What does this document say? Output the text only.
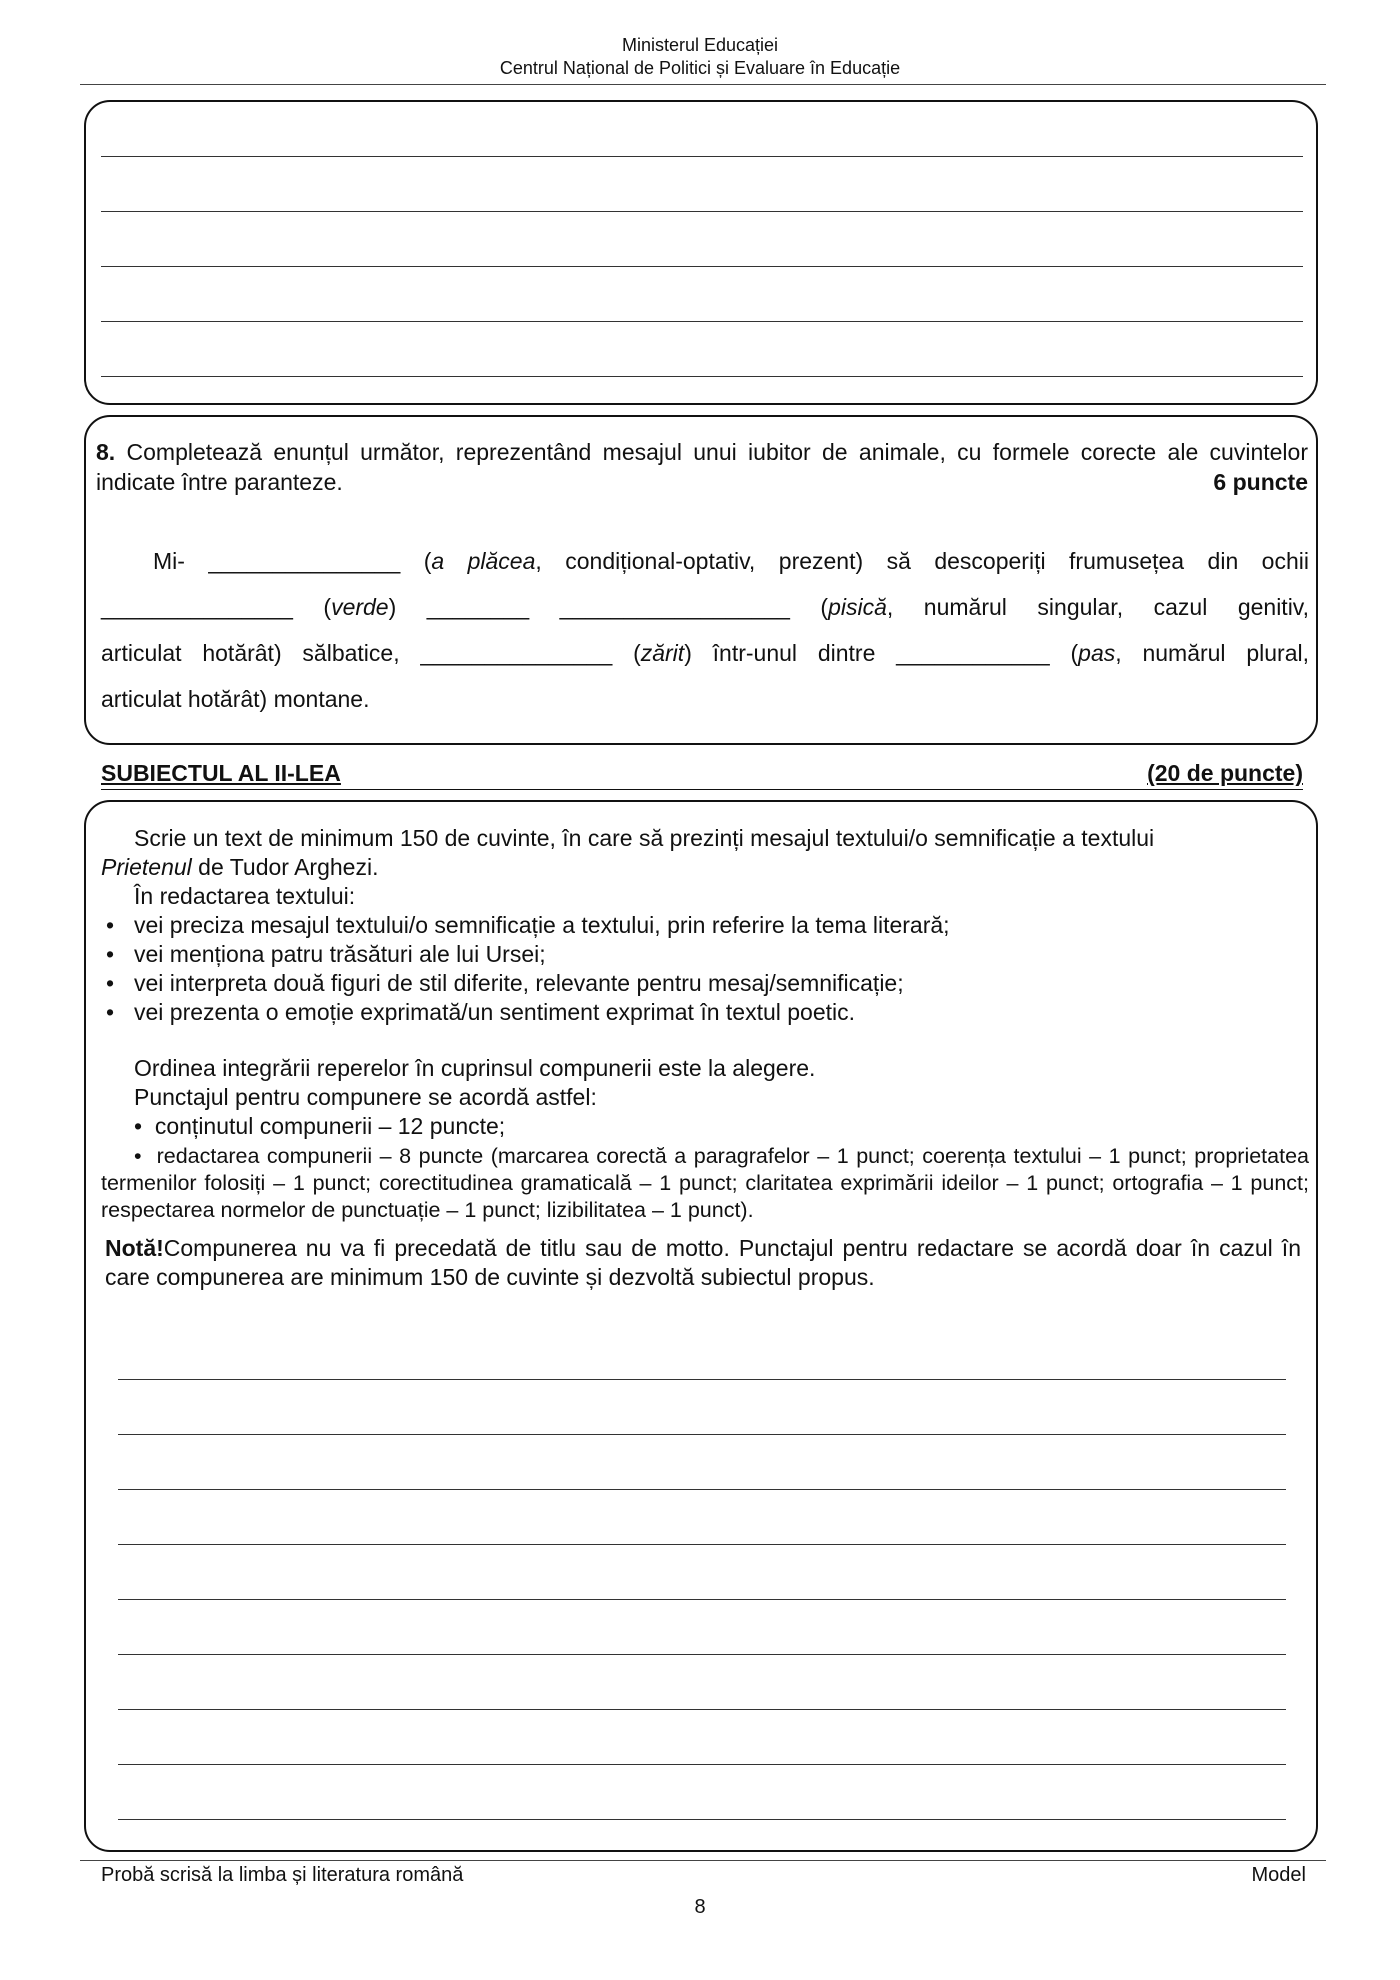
Ministerul Educației
Centrul Național de Politici și Evaluare în Educație

8. Completează enunțul următor, reprezentând mesajul unui iubitor de animale, cu formele corecte ale cuvintelor indicate între paranteze.	6 puncte

Mi- _______________ (a plăcea, condițional-optativ, prezent) să descoperiți frumusețea din ochii
_______________ (verde) ________ __________________ (pisică, numărul singular, cazul genitiv,
articulat hotărât) sălbatice, _______________ (zărit) într-unul dintre ____________ (pas, numărul plural,
articulat hotărât) montane.
SUBIECTUL AL II-LEA	(20 de puncte)

Scrie un text de minimum 150 de cuvinte, în care să prezinți mesajul textului/o semnificație a textului

Prietenul de Tudor Arghezi.

În redactarea textului:

• vei preciza mesajul textului/o semnificație a textului, prin referire la tema literară;

• vei menționa patru trăsături ale lui Ursei;

• vei interpreta două figuri de stil diferite, relevante pentru mesaj/semnificație;

• vei prezenta o emoție exprimată/un sentiment exprimat în textul poetic.

Ordinea integrării reperelor în cuprinsul compunerii este la alegere.

Punctajul pentru compunere se acordă astfel:

•  conținutul compunerii – 12 puncte;

•  redactarea compunerii – 8 puncte (marcarea corectă a paragrafelor – 1 punct; coerența textului – 1 punct; proprietatea termenilor folosiți – 1 punct; corectitudinea gramaticală – 1 punct; claritatea exprimării ideilor – 1 punct; ortografia – 1 punct; respectarea normelor de punctuație – 1 punct; lizibilitatea – 1 punct).

Notă!Compunerea nu va fi precedată de titlu sau de motto. Punctajul pentru redactare se acordă doar în cazul în care compunerea are minimum 150 de cuvinte și dezvoltă subiectul propus.

Probă scrisă la limba și literatura română	Model
8
